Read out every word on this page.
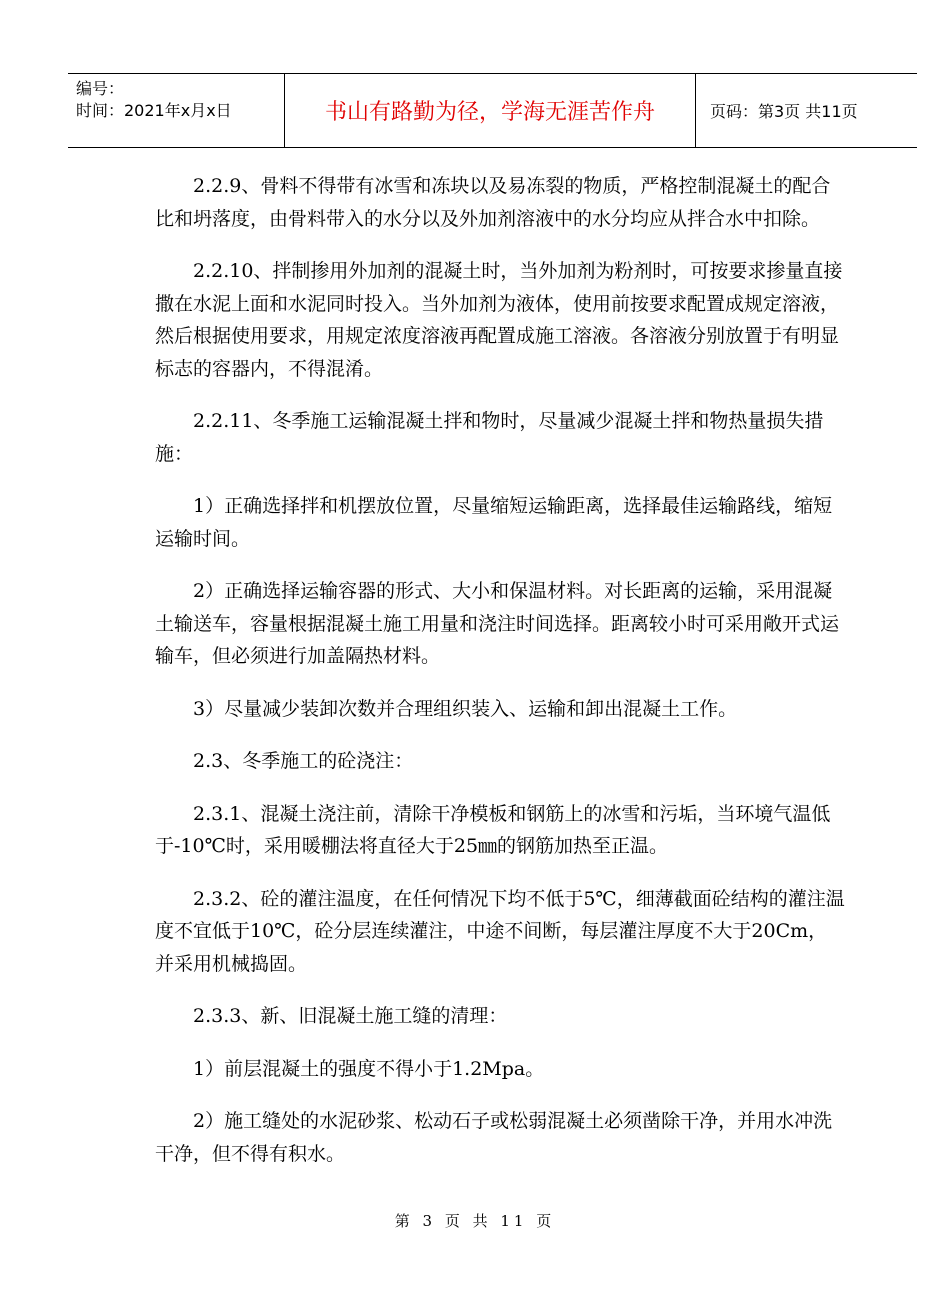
编号：
时间：2021年x月x日	书山有路勤为径，学海无涯苦作舟	页码：第3页 共11页

2.2.9、骨料不得带有冰雪和冻块以及易冻裂的物质，严格控制混凝土的配合比和坍落度，由骨料带入的水分以及外加剂溶液中的水分均应从拌合水中扣除。

2.2.10、拌制掺用外加剂的混凝土时，当外加剂为粉剂时，可按要求掺量直接撒在水泥上面和水泥同时投入。当外加剂为液体，使用前按要求配置成规定溶液，然后根据使用要求，用规定浓度溶液再配置成施工溶液。各溶液分别放置于有明显标志的容器内，不得混淆。

2.2.11、冬季施工运输混凝土拌和物时，尽量减少混凝土拌和物热量损失措施：

1）正确选择拌和机摆放位置，尽量缩短运输距离，选择最佳运输路线，缩短运输时间。

2）正确选择运输容器的形式、大小和保温材料。对长距离的运输，采用混凝土输送车，容量根据混凝土施工用量和浇注时间选择。距离较小时可采用敞开式运输车，但必须进行加盖隔热材料。

3）尽量减少装卸次数并合理组织装入、运输和卸出混凝土工作。

2.3、冬季施工的砼浇注：

2.3.1、混凝土浇注前，清除干净模板和钢筋上的冰雪和污垢，当环境气温低于-10℃时，采用暖棚法将直径大于25㎜的钢筋加热至正温。

2.3.2、砼的灌注温度，在任何情况下均不低于5℃，细薄截面砼结构的灌注温度不宜低于10℃，砼分层连续灌注，中途不间断，每层灌注厚度不大于20Cm，并采用机械捣固。

2.3.3、新、旧混凝土施工缝的清理：

1）前层混凝土的强度不得小于1.2Mpa。

2）施工缝处的水泥砂浆、松动石子或松弱混凝土必须凿除干净，并用水冲洗干净，但不得有积水。

第 3 页 共 11 页
